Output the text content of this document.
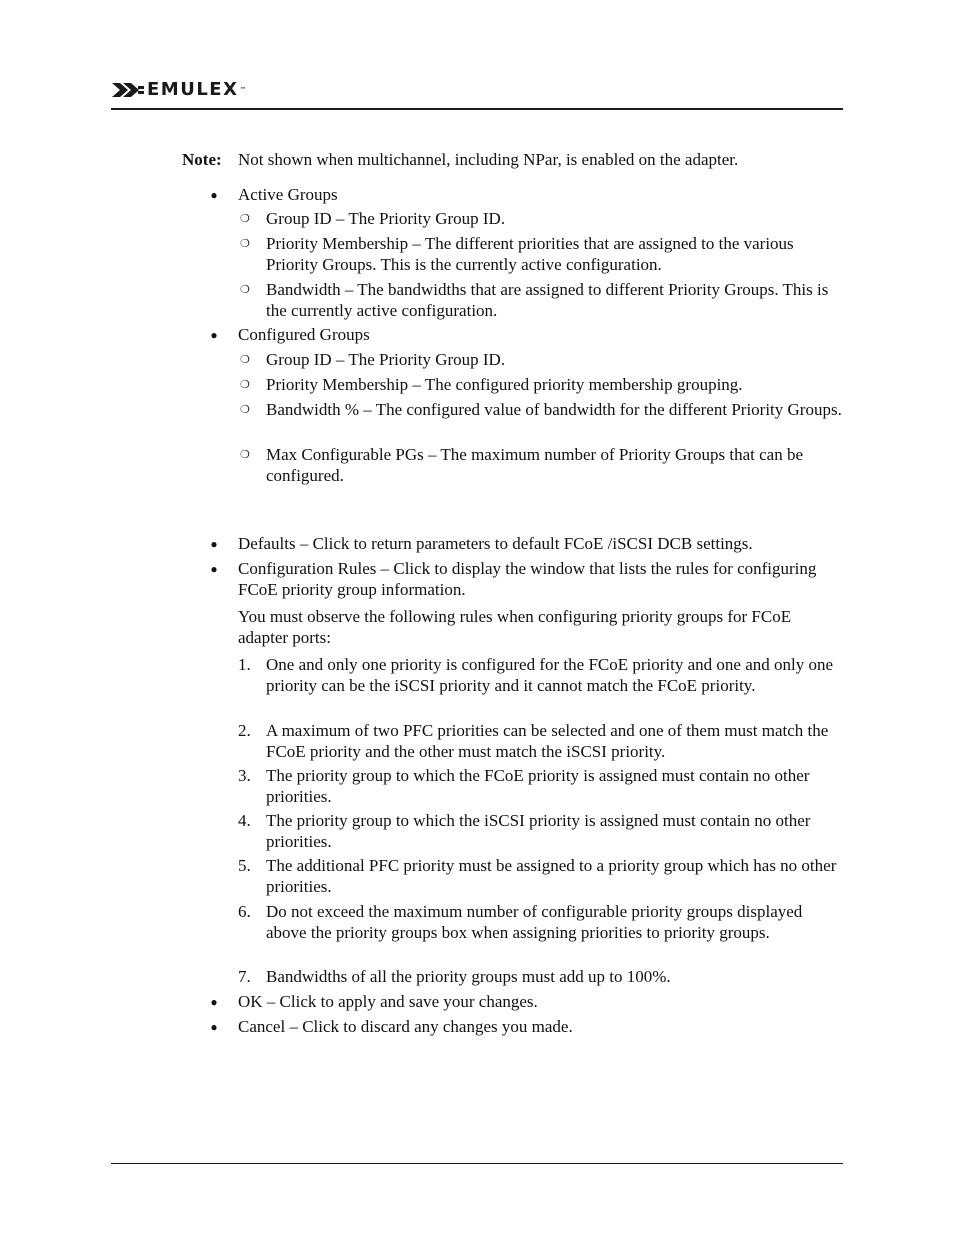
EMULEX ™
Note: Not shown when multichannel, including NPar, is enabled on the adapter.
● Active Groups
❍ Group ID – The Priority Group ID.
❍ Priority Membership – The different priorities that are assigned to the various Priority Groups. This is the currently active configuration.
❍ Bandwidth – The bandwidths that are assigned to different Priority Groups. This is the currently active configuration.
● Configured Groups
❍ Group ID – The Priority Group ID.
❍ Priority Membership – The configured priority membership grouping.
❍ Bandwidth % – The configured value of bandwidth for the different Priority Groups.
❍ Max Configurable PGs – The maximum number of Priority Groups that can be configured.
● Defaults – Click to return parameters to default FCoE /iSCSI DCB settings.
● Configuration Rules – Click to display the window that lists the rules for configuring FCoE priority group information.
You must observe the following rules when configuring priority groups for FCoE adapter ports:
1. One and only one priority is configured for the FCoE priority and one and only one priority can be the iSCSI priority and it cannot match the FCoE priority.
2. A maximum of two PFC priorities can be selected and one of them must match the FCoE priority and the other must match the iSCSI priority.
3. The priority group to which the FCoE priority is assigned must contain no other priorities.
4. The priority group to which the iSCSI priority is assigned must contain no other priorities.
5. The additional PFC priority must be assigned to a priority group which has no other priorities.
6. Do not exceed the maximum number of configurable priority groups displayed above the priority groups box when assigning priorities to priority groups.
7. Bandwidths of all the priority groups must add up to 100%.
● OK – Click to apply and save your changes.
● Cancel – Click to discard any changes you made.
